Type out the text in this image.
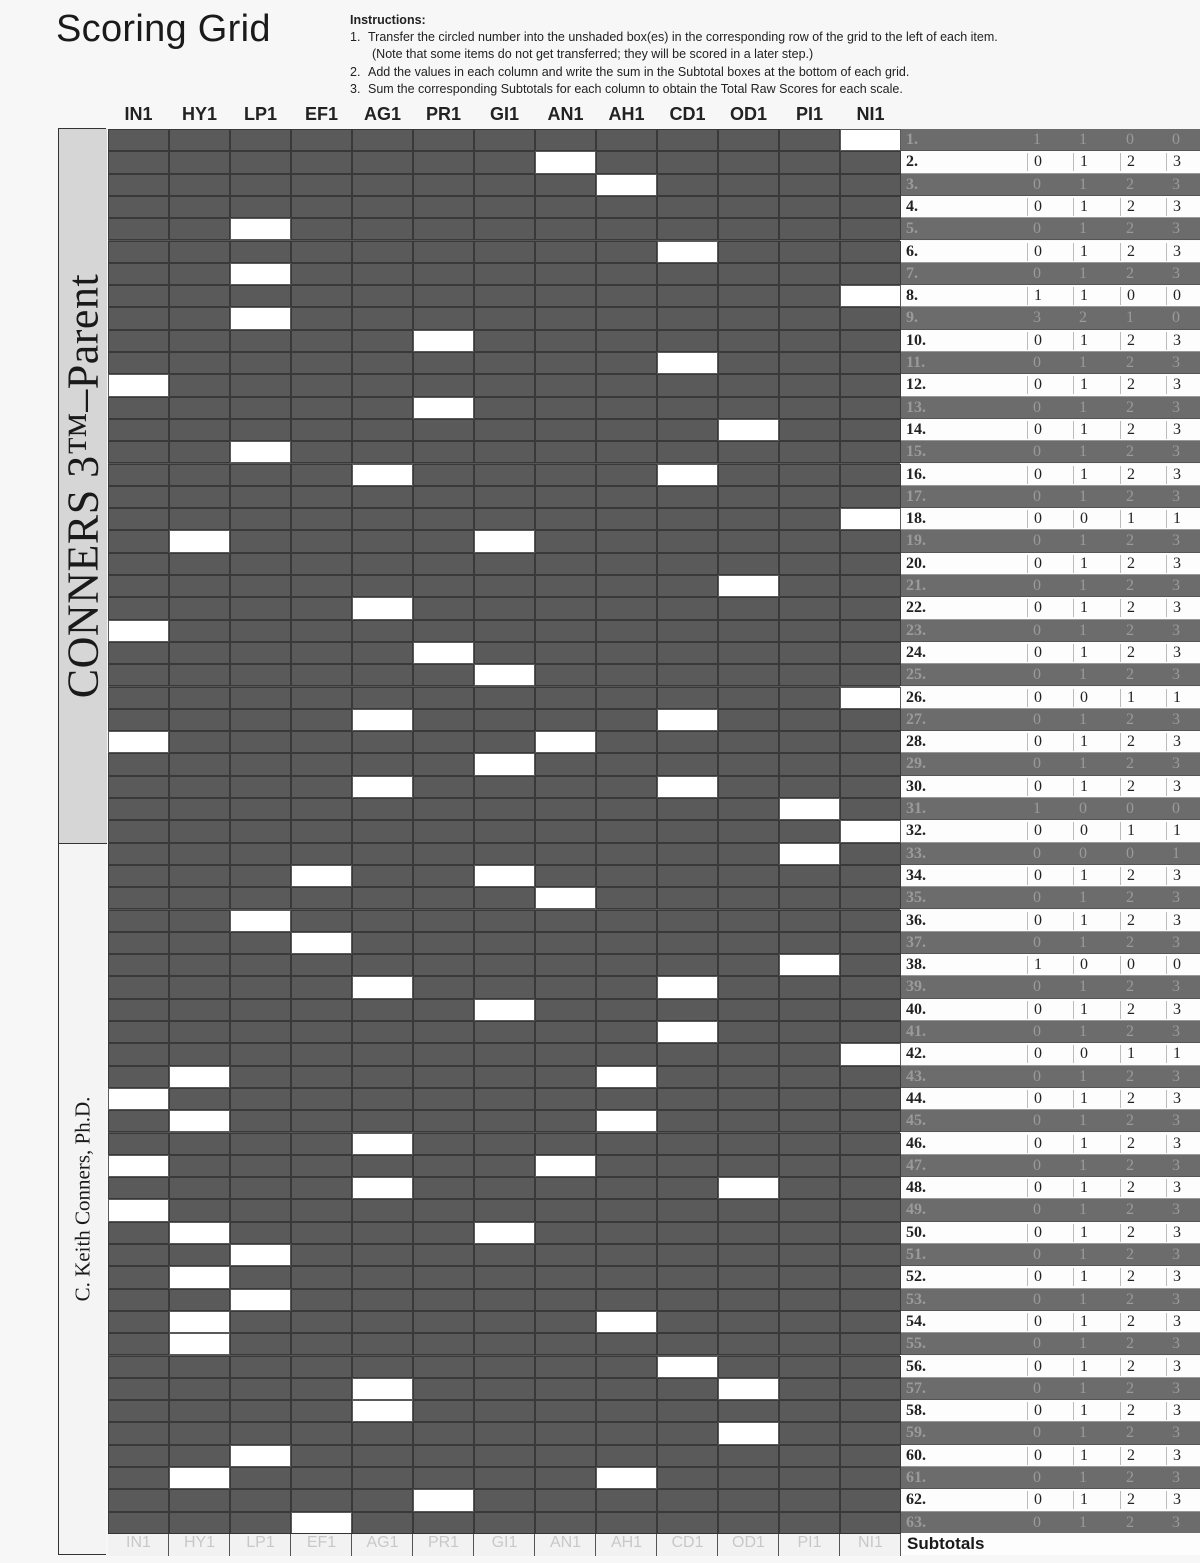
Scoring Grid	Instructions:
1. Transfer the circled number into the unshaded box(es) in the corresponding row of the grid to the left of each item.
(Note that some items do not get transferred; they will be scored in a later step.)
2. Add the values in each column and write the sum in the Subtotal boxes at the bottom of each grid.
3. Sum the corresponding Subtotals for each column to obtain the Total Raw Scores for each scale.
CONNERS 3™–Parent
C. Keith Conners, Ph.D.
IN1	HY1	LP1	EF1	AG1	PR1	GI1	AN1	AH1	CD1	OD1	PI1	NI1
1.	1	1	0	0
2.	0	1	2	3
3.	0	1	2	3
4.	0	1	2	3
5.	0	1	2	3
6.	0	1	2	3
7.	0	1	2	3
8.	1	1	0	0
9.	3	2	1	0
10.	0	1	2	3
11.	0	1	2	3
12.	0	1	2	3
13.	0	1	2	3
14.	0	1	2	3
15.	0	1	2	3
16.	0	1	2	3
17.	0	1	2	3
18.	0	0	1	1
19.	0	1	2	3
20.	0	1	2	3
21.	0	1	2	3
22.	0	1	2	3
23.	0	1	2	3
24.	0	1	2	3
25.	0	1	2	3
26.	0	0	1	1
27.	0	1	2	3
28.	0	1	2	3
29.	0	1	2	3
30.	0	1	2	3
31.	1	0	0	0
32.	0	0	1	1
33.	0	0	0	1
34.	0	1	2	3
35.	0	1	2	3
36.	0	1	2	3
37.	0	1	2	3
38.	1	0	0	0
39.	0	1	2	3
40.	0	1	2	3
41.	0	1	2	3
42.	0	0	1	1
43.	0	1	2	3
44.	0	1	2	3
45.	0	1	2	3
46.	0	1	2	3
47.	0	1	2	3
48.	0	1	2	3
49.	0	1	2	3
50.	0	1	2	3
51.	0	1	2	3
52.	0	1	2	3
53.	0	1	2	3
54.	0	1	2	3
55.	0	1	2	3
56.	0	1	2	3
57.	0	1	2	3
58.	0	1	2	3
59.	0	1	2	3
60.	0	1	2	3
61.	0	1	2	3
62.	0	1	2	3
63.	0	1	2	3
IN1	HY1	LP1	EF1	AG1	PR1	GI1	AN1	AH1	CD1	OD1	PI1	NI1	Subtotals
